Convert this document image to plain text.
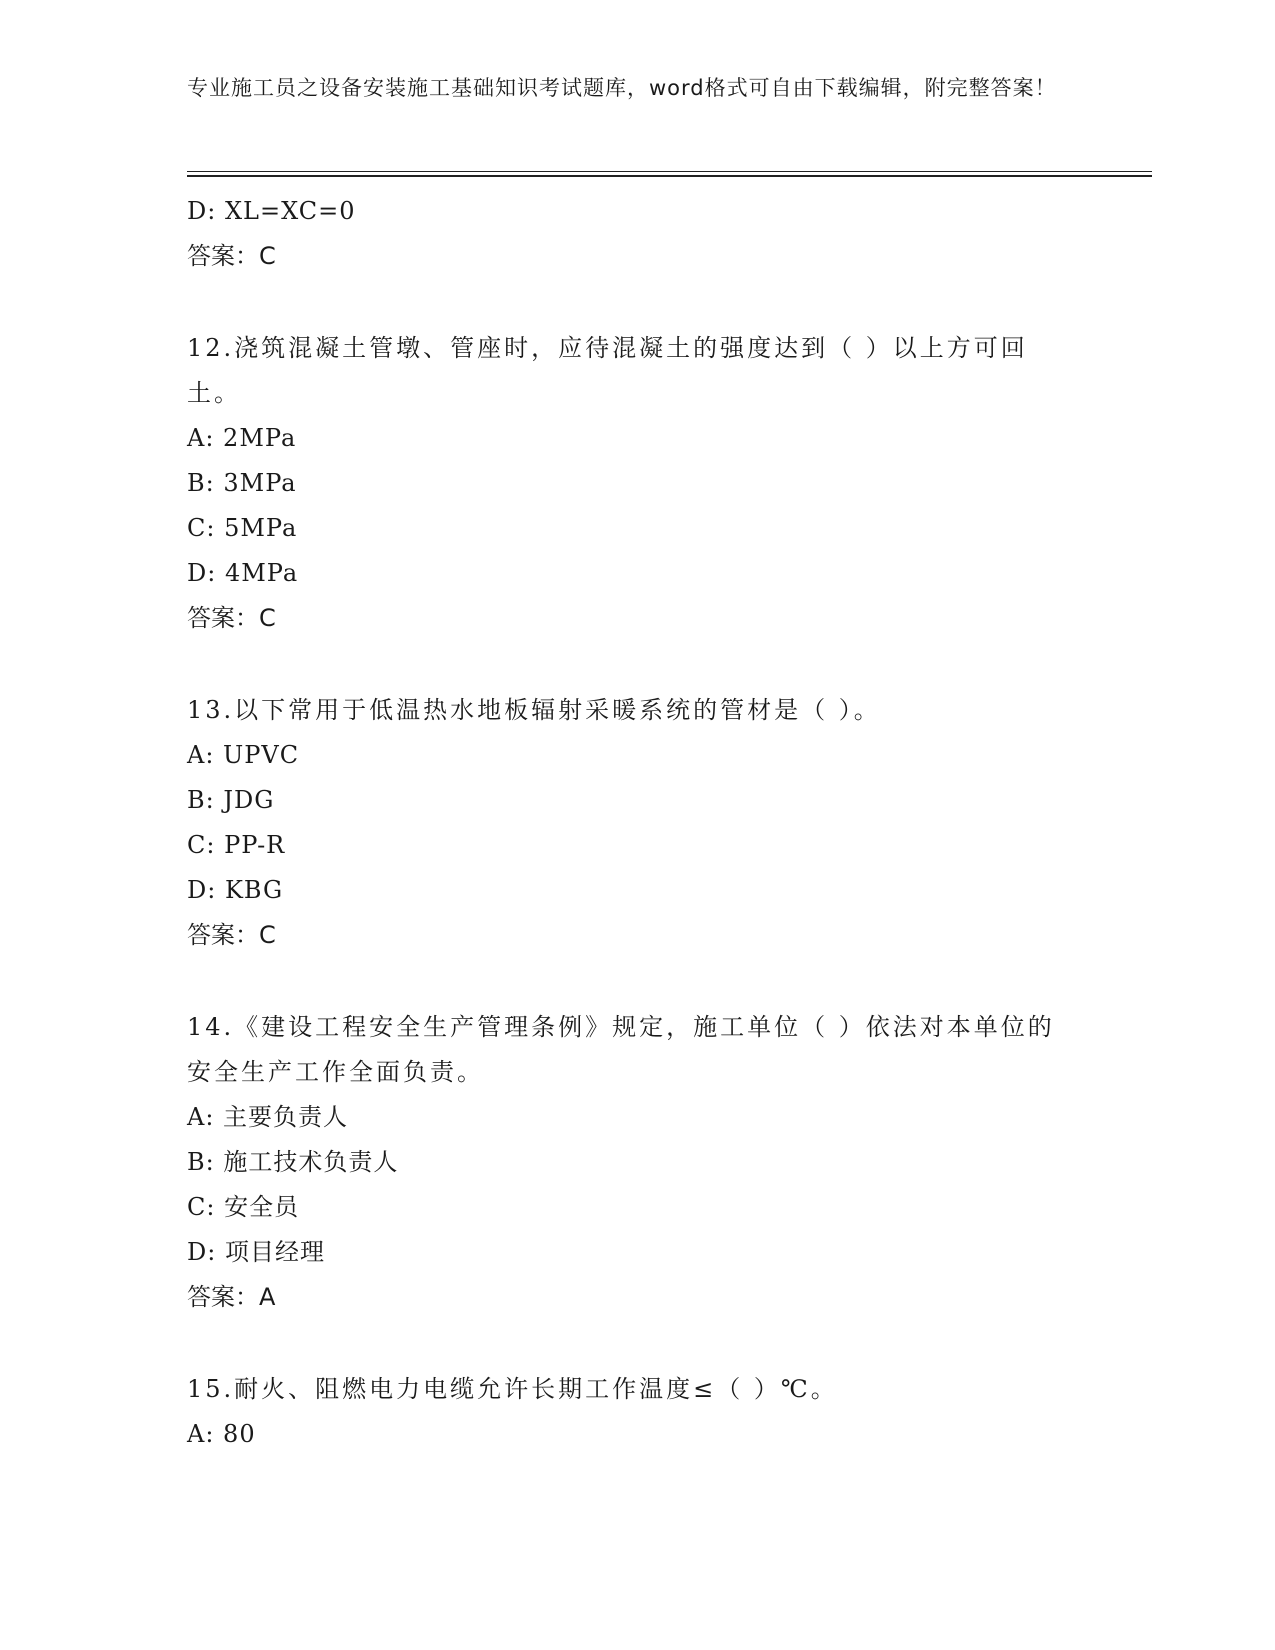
专业施工员之设备安装施工基础知识考试题库，word格式可自由下载编辑，附完整答案！
D: XL=XC=0
答案：C
12.浇筑混凝土管墩、管座时，应待混凝土的强度达到（ ）以上方可回土。
A: 2MPa
B: 3MPa
C: 5MPa
D: 4MPa
答案：C
13.以下常用于低温热水地板辐射采暖系统的管材是（ ）。
A: UPVC
B: JDG
C: PP-R
D: KBG
答案：C
14.《建设工程安全生产管理条例》规定，施工单位（ ）依法对本单位的安全生产工作全面负责。
A: 主要负责人
B: 施工技术负责人
C: 安全员
D: 项目经理
答案：A
15.耐火、阻燃电力电缆允许长期工作温度≤（ ）℃。
A: 80
